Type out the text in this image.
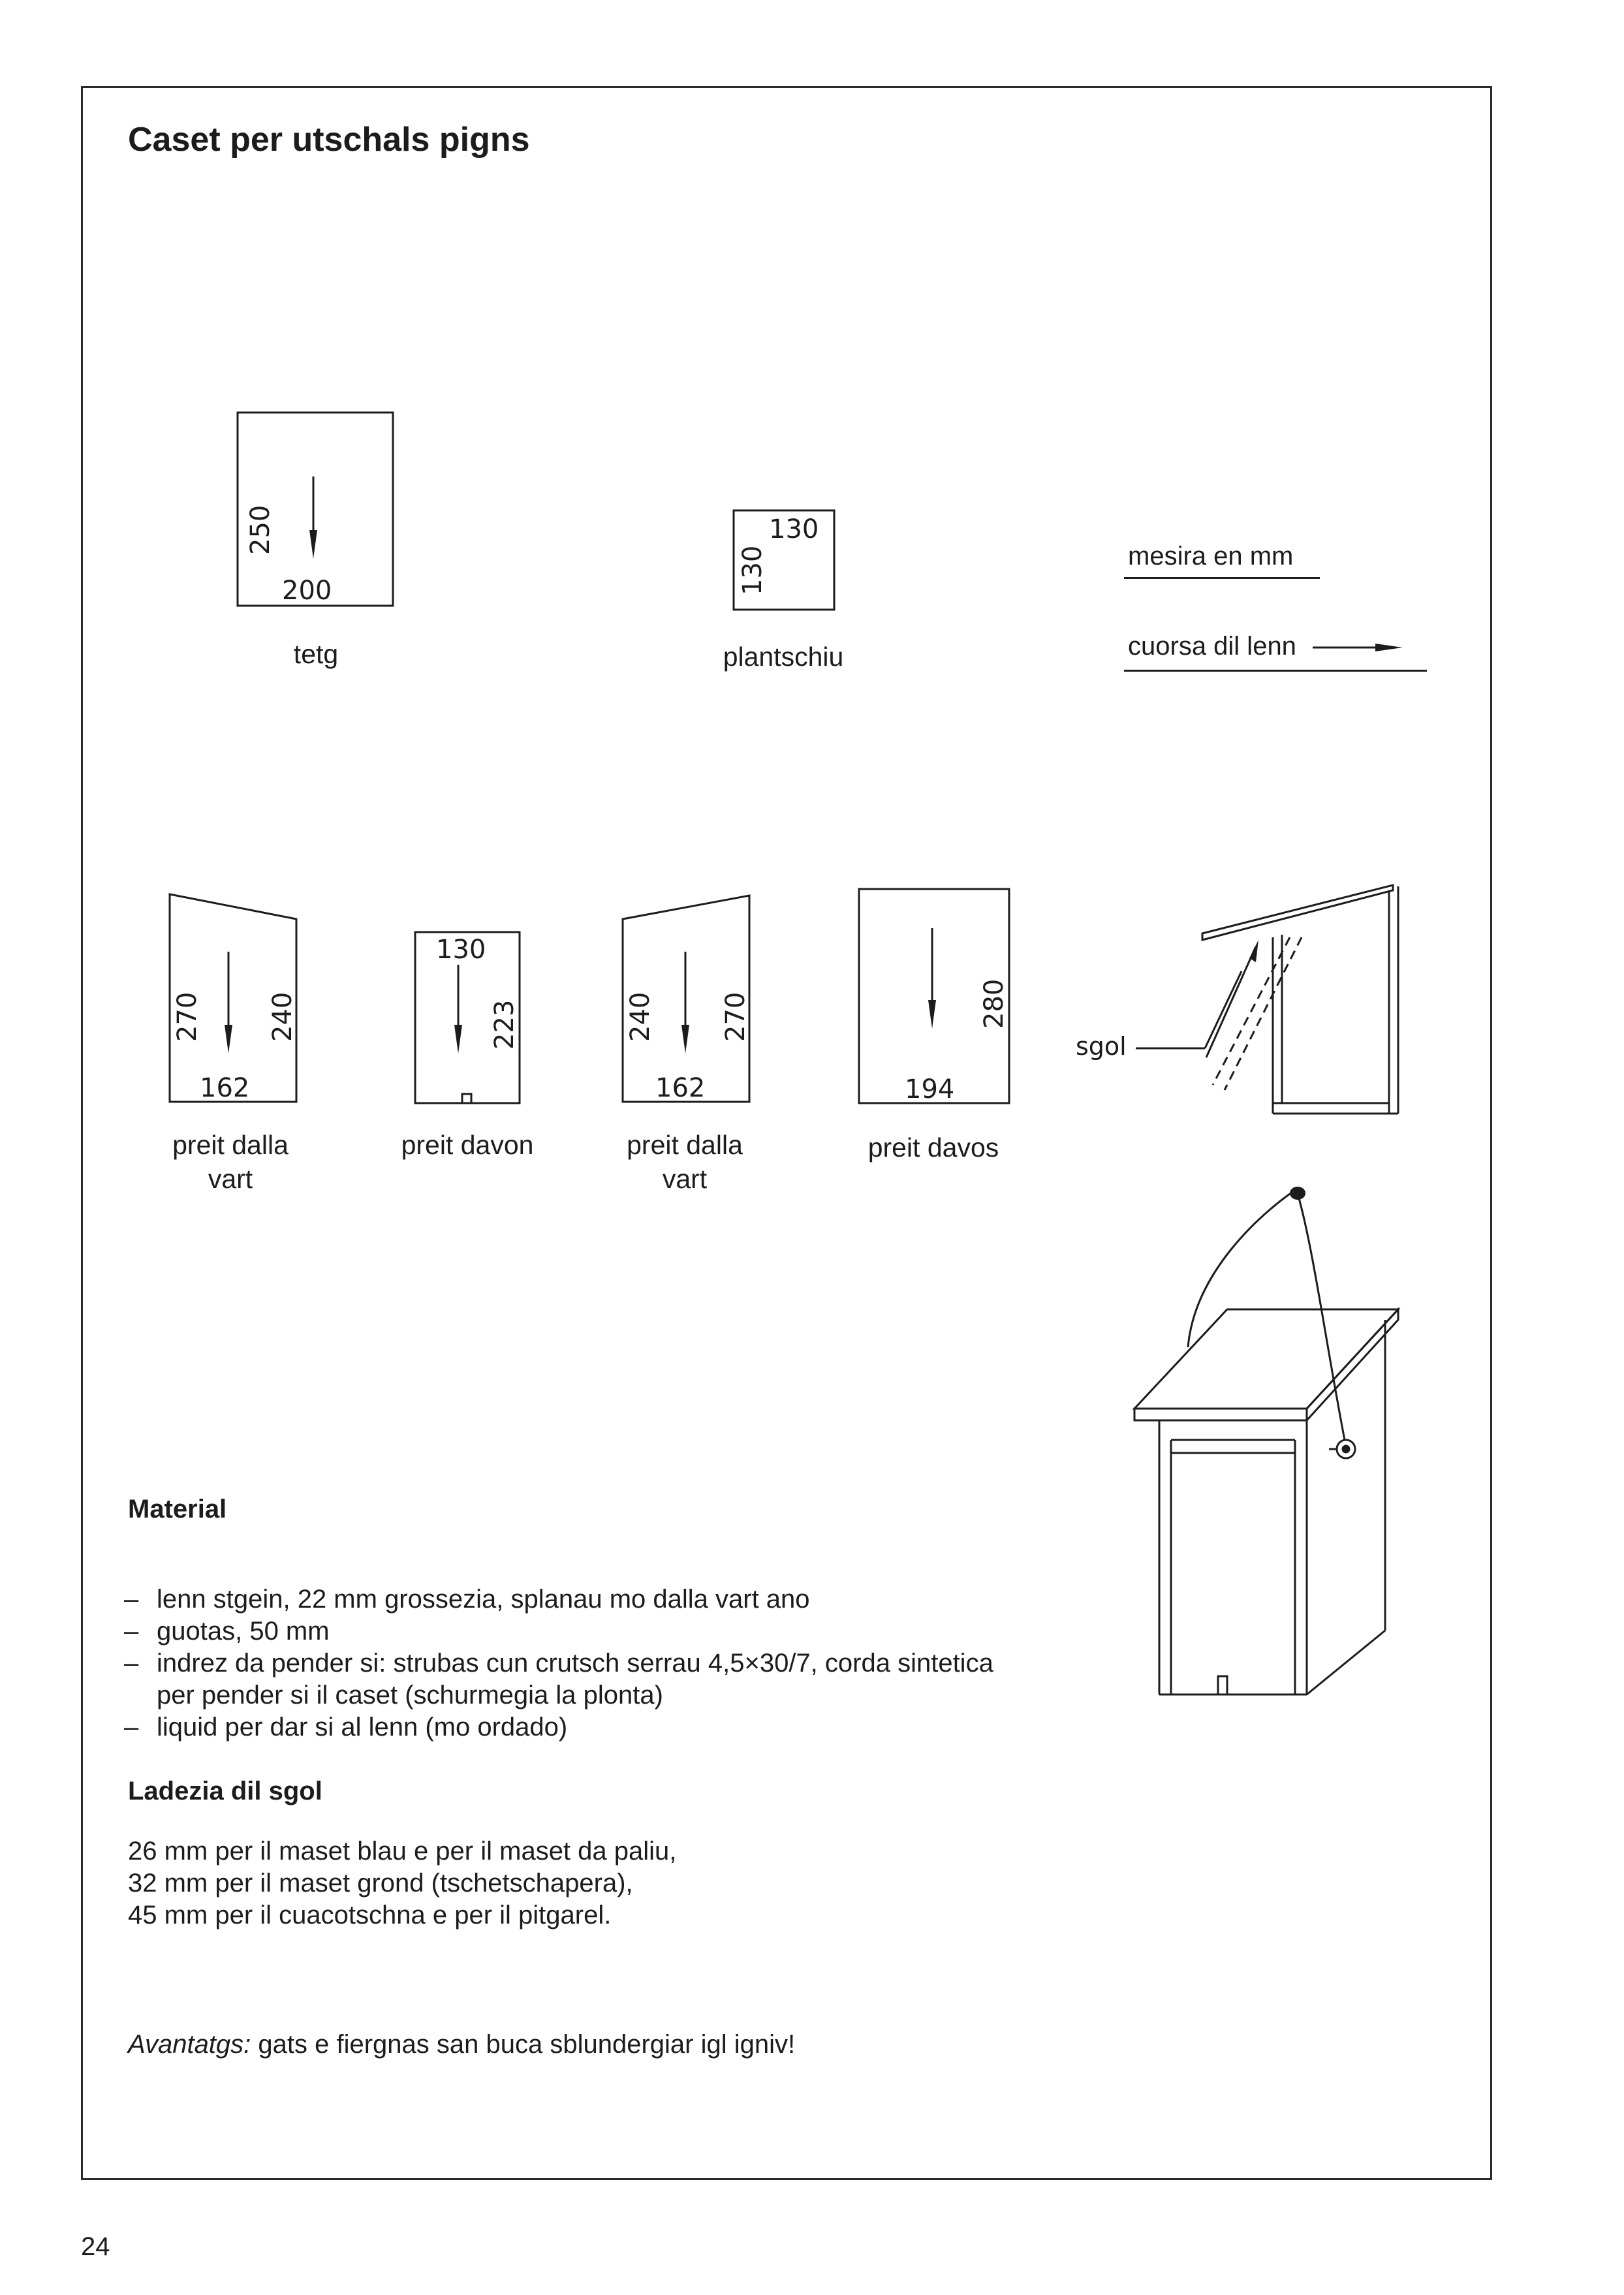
Caset per utschals pigns
250
200
130
130
270	240
162
130
223	240	270
162
280
194
sgol
tetg	plantschiu
preit dalla vart
preit davon	preit dalla vart
preit davos
mesira en mm
cuorsa dil lenn
Material
– lenn stgein, 22 mm grossezia, splanau mo dalla vart ano
– guotas, 50 mm
– indrez da pender si: strubas cun crutsch serrau 4,5×30/7, corda sintetica per pender si il caset (schurmegia la plonta)
– liquid per dar si al lenn (mo ordado)
Ladezia dil sgol

26 mm per il maset blau e per il maset da paliu,

32 mm per il maset grond (tschetschapera),

45 mm per il cuacotschna e per il pitgarel.

Avantatgs: gats e fiergnas san buca sblundergiar igl igniv!

24
